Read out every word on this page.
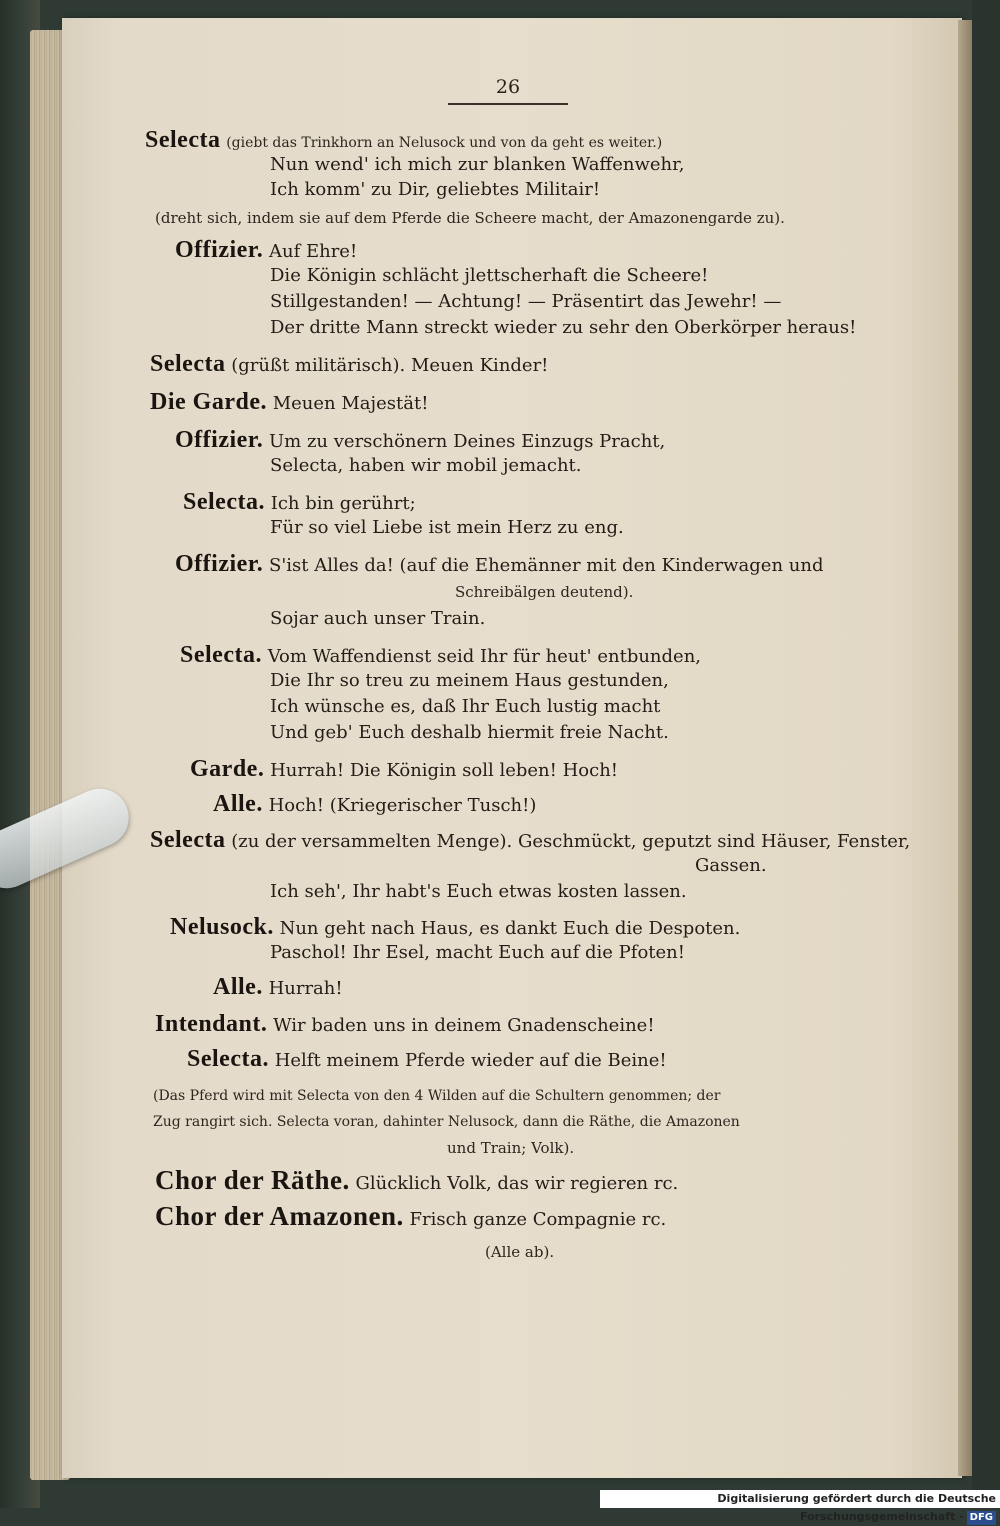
26
Selecta (giebt das Trinkhorn an Nelusock und von da geht es weiter.)
Nun wend' ich mich zur blanken Waffenwehr,
Ich komm' zu Dir, geliebtes Militair!
(dreht sich, indem sie auf dem Pferde die Scheere macht, der Amazonengarde zu).
Offizier. Auf Ehre!
Die Königin schlächt jlettscherhaft die Scheere!
Stillgestanden! — Achtung! — Präsentirt das Jewehr! —
Der dritte Mann streckt wieder zu sehr den Oberkörper heraus!
Selecta (grüßt militärisch). Meuen Kinder!
Die Garde. Meuen Majestät!
Offizier. Um zu verschönern Deines Einzugs Pracht,
Selecta, haben wir mobil jemacht.
Selecta. Ich bin gerührt;
Für so viel Liebe ist mein Herz zu eng.
Offizier. S'ist Alles da! (auf die Ehemänner mit den Kinderwagen und
Schreibälgen deutend).
Sojar auch unser Train.
Selecta. Vom Waffendienst seid Ihr für heut' entbunden,
Die Ihr so treu zu meinem Haus gestunden,
Ich wünsche es, daß Ihr Euch lustig macht
Und geb' Euch deshalb hiermit freie Nacht.
Garde. Hurrah! Die Königin soll leben! Hoch!
Alle. Hoch! (Kriegerischer Tusch!)
Selecta (zu der versammelten Menge). Geschmückt, geputzt sind Häuser, Fenster,
Gassen.
Ich seh', Ihr habt's Euch etwas kosten lassen.
Nelusock. Nun geht nach Haus, es dankt Euch die Despoten.
Paschol! Ihr Esel, macht Euch auf die Pfoten!
Alle. Hurrah!
Intendant. Wir baden uns in deinem Gnadenscheine!
Selecta. Helft meinem Pferde wieder auf die Beine!
(Das Pferd wird mit Selecta von den 4 Wilden auf die Schultern genommen; der
Zug rangirt sich. Selecta voran, dahinter Nelusock, dann die Räthe, die Amazonen
und Train; Volk).
Chor der Räthe. Glücklich Volk, das wir regieren rc.
Chor der Amazonen. Frisch ganze Compagnie rc.
(Alle ab).
Digitalisierung gefördert durch die Deutsche Forschungsgemeinschaft - DFG
